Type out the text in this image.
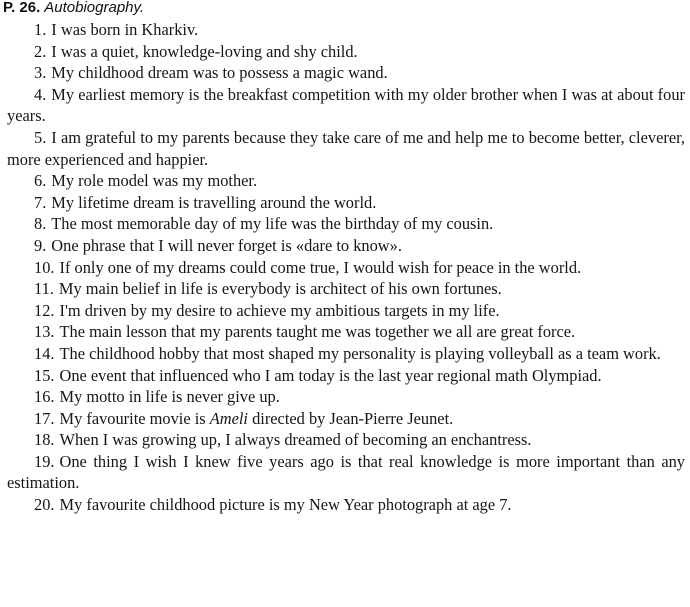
P. 26. Autobiography.

1. I was born in Kharkiv.

2. I was a quiet, knowledge-loving and shy child.

3. My childhood dream was to possess a magic wand.

4. My earliest memory is the breakfast competition with my older brother when I was at about four years.

5. I am grateful to my parents because they take care of me and help me to become better, cleverer, more experienced and happier.

6. My role model was my mother.

7. My lifetime dream is travelling around the world.

8. The most memorable day of my life was the birthday of my cousin.

9. One phrase that I will never forget is «dare to know».

10. If only one of my dreams could come true, I would wish for peace in the world.

11. My main belief in life is everybody is architect of his own fortunes.

12. I'm driven by my desire to achieve my ambitious targets in my life.

13. The main lesson that my parents taught me was together we all are great force.

14. The childhood hobby that most shaped my personality is playing volleyball as a team work.

15. One event that influenced who I am today is the last year regional math Olympiad.

16. My motto in life is never give up.

17. My favourite movie is Ameli directed by Jean-Pierre Jeunet.

18. When I was growing up, I always dreamed of becoming an enchantress.

19. One thing I wish I knew five years ago is that real knowledge is more important than any estimation.

20. My favourite childhood picture is my New Year photograph at age 7.
